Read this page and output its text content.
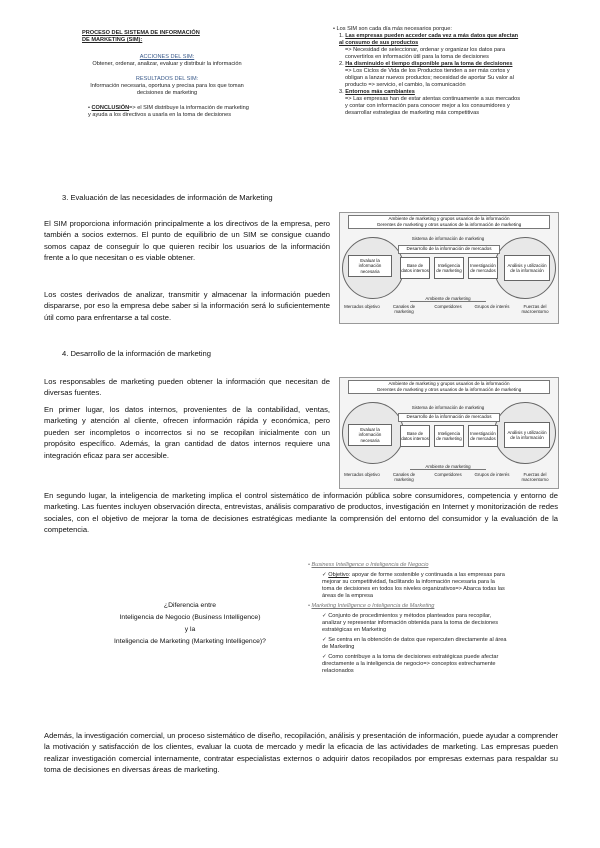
PROCESO DEL SISTEMA DE INFORMACIÓN DE MARKETING (SIM):
ACCIONES DEL SIM:
Obtener, ordenar, analizar, evaluar y distribuir la información
RESULTADOS DEL SIM:
Información necesaria, oportuna y precisa para los que toman decisiones de marketing
• CONCLUSIÓN=> el SIM distribuye la información de marketing y ayuda a los directivos a usarla en la toma de decisiones
• Los SIM son cada día más necesarios porque:
1. Las empresas pueden acceder cada vez a más datos que afectan al consumo de sus productos
=> Necesidad de seleccionar, ordenar y organizar los datos para convertirlos en información útil para la toma de decisiones
2. Ha disminuido el tiempo disponible para la toma de decisiones
=> Los Ciclos de Vida de los Productos tienden a ser más cortos y obligan a lanzar nuevos productos; necesidad de aportar Su valor al producto => servicio, el cambio, la comunicación
3. Entornos más cambiantes
=> Las empresas han de estar atentas continuamente a sus mercados y contar con información para conocer mejor a los consumidores y desarrollar estrategias de marketing más competitivas
3. Evaluación de las necesidades de información de Marketing
El SIM proporciona información principalmente a los directivos de la empresa, pero también a socios externos. El punto de equilibrio de un SIM se consigue cuando somos capaz de conseguir lo que quieren recibir los usuarios de la información frente a lo que necesitan o es viable obtener.
Los costes derivados de analizar, transmitir y almacenar la información pueden dispararse, por eso la empresa debe saber si la información será lo suficientemente útil como para enfrentarse a tal coste.
Ambiente de marketing y grupos usuarios de la información
Gerentes de marketing y otros usuarios de la información de marketing
Sistema de información de marketing
Desarrollo de la información de mercados
Evaluar la información necesaria
Base de datos internos
Inteligencia de marketing
Investigación de mercados
Análisis y utilización de la información
Ambiente de marketing
Mercados objetivo	Canales de marketing
Competidores	Grupos de interés	Fuerzas del macroentorno
4. Desarrollo de la información de marketing
Los responsables de marketing pueden obtener la información que necesitan de diversas fuentes.
En primer lugar, los datos internos, provenientes de la contabilidad, ventas, marketing y atención al cliente, ofrecen información rápida y económica, pero pueden ser incompletos o incorrectos si no se recopilan inicialmente con un propósito específico. Además, la gran cantidad de datos internos requiere una integración eficaz para ser accesible.
En segundo lugar, la inteligencia de marketing implica el control sistemático de información pública sobre consumidores, competencia y entorno de marketing. Las fuentes incluyen observación directa, entrevistas, análisis comparativo de productos, investigación en Internet y monitorización de redes sociales, con el objetivo de mejorar la toma de decisiones estratégicas mediante la comprensión del entorno del consumidor y la evaluación de la competencia.
Ambiente de marketing y grupos usuarios de la información
Gerentes de marketing y otros usuarios de la información de marketing
Sistema de información de marketing
Desarrollo de la información de mercados
Evaluar la información necesaria
Base de datos internos
Inteligencia de marketing
Investigación de mercados
Análisis y utilización de la información
Ambiente de marketing
Mercados objetivo	Canales de marketing
Competidores	Grupos de interés	Fuerzas del macroentorno
¿Diferencia entre
Inteligencia de Negocio (Business Intelligence)
y la
Inteligencia de Marketing (Marketing Intelligence)?
• Business Intelligence o Inteligencia de Negocio
✓ Objetivo: apoyar de forme sostenible y continuada a las empresas para mejorar su competitividad, facilitando la información necesaria para la toma de decisiones en todos los niveles organizativos=> Abarca todas las áreas de la empresa
• Marketing Intelligence o Inteligencia de Marketing
✓ Conjunto de procedimientos y métodos planteados para recopilar, analizar y representar información obtenida para la toma de decisiones estratégicas en Marketing
✓ Se centra en la obtención de datos que repercuten directamente al área de Marketing
✓ Como contribuye a la toma de decisiones estratégicas puede afectar directamente a la inteligencia de negocio=> conceptos estrechamente relacionados
Además, la investigación comercial, un proceso sistemático de diseño, recopilación, análisis y presentación de información, puede ayudar a comprender la motivación y satisfacción de los clientes, evaluar la cuota de mercado y medir la eficacia de las actividades de marketing. Las empresas pueden realizar investigación comercial internamente, contratar especialistas externos o adquirir datos recopilados por empresas externas para respaldar su toma de decisiones en diversas áreas de marketing.
